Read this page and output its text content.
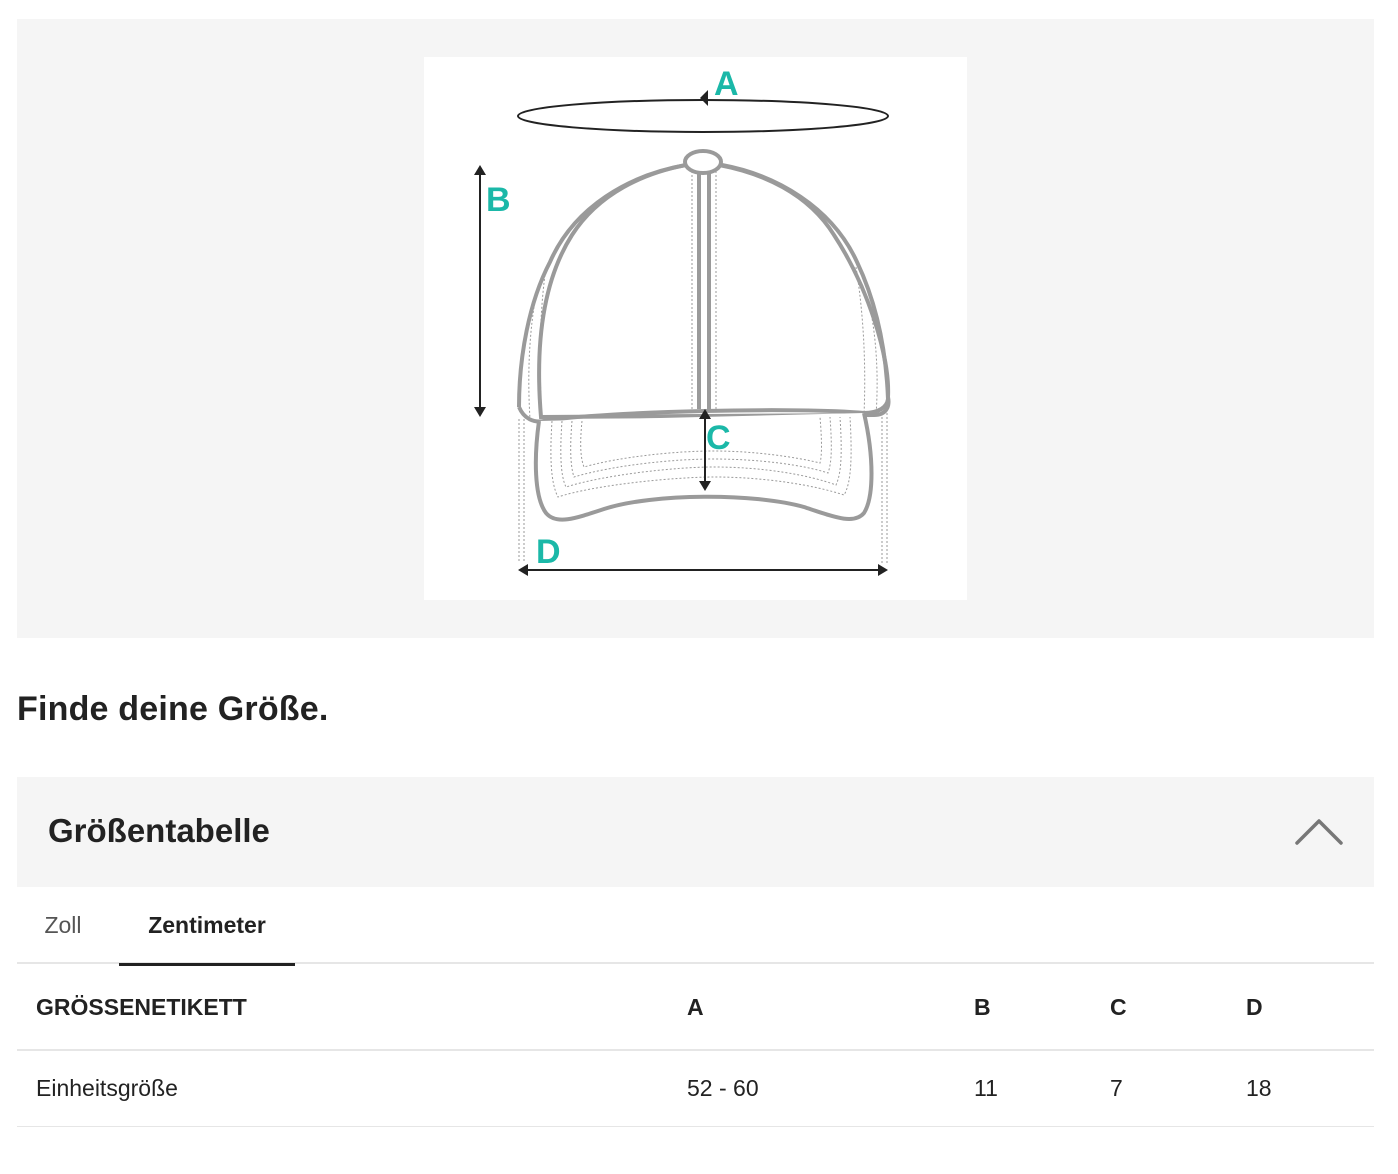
A
B
C
D
Finde deine Größe.
Größentabelle
Zoll	Zentimeter
GRÖSSENETIKETT	A	B	C	D
Einheitsgröße	52 - 60	11	7	18
